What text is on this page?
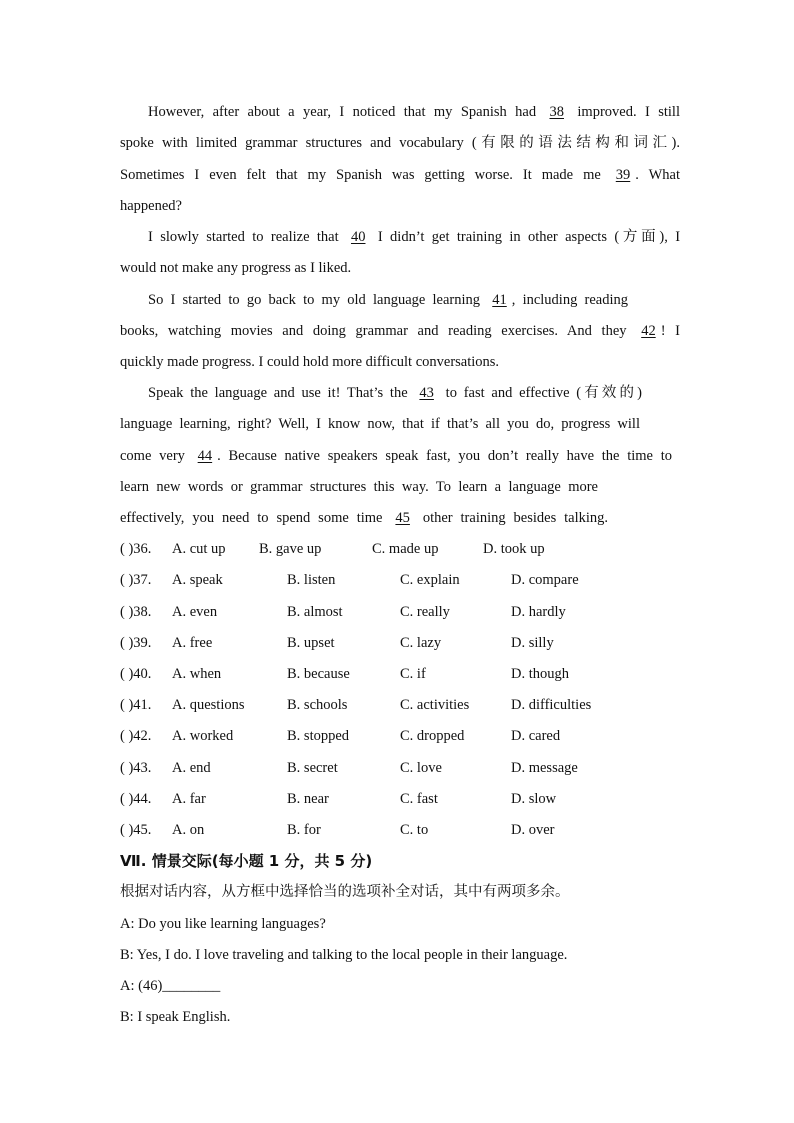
However, after about a year, I noticed that my Spanish had 38 improved. I still
spoke with limited grammar structures and vocabulary (有限的语法结构和词汇).
Sometimes I even felt that my Spanish was getting worse. It made me 39 . What
happened?
I slowly started to realize that 40 I didn’t get training in other aspects (方面), I
would not make any progress as I liked.
So I started to go back to my old language learning 41 , including reading
books, watching movies and doing grammar and reading exercises. And they 42 ! I
quickly made progress. I could hold more difficult conversations.
Speak the language and use it! That’s the 43 to fast and effective (有效的)
language learning, right? Well, I know now, that if that’s all you do, progress will
come very 44 . Because native speakers speak fast, you don’t really have the time to
learn new words or grammar structures this way. To learn a language more
effectively, you need to spend some time 45 other training besides talking.
( )36. A. cut up B. gave up	C. made up	D. took up
( )37. A. speak	B. listen	C. explain	D. compare
( )38. A. even	B. almost	C. really	D. hardly
( )39. A. free	B. upset	C. lazy	D. silly
( )40. A. when	B. because	C. if	D. though
( )41. A. questions	B. schools	C. activities	D. difficulties
( )42. A. worked	B. stopped	C. dropped	D. cared
( )43. A. end	B. secret	C. love	D. message
( )44. A. far	B. near	C. fast	D. slow
( )45. A. on	B. for	C. to	D. over
Ⅶ. 情景交际(每小题 1 分，共 5 分)
根据对话内容，从方框中选择恰当的选项补全对话，其中有两项多余。
A: Do you like learning languages?
B: Yes, I do. I love traveling and talking to the local people in their language.
A: (46)________
B: I speak English.
